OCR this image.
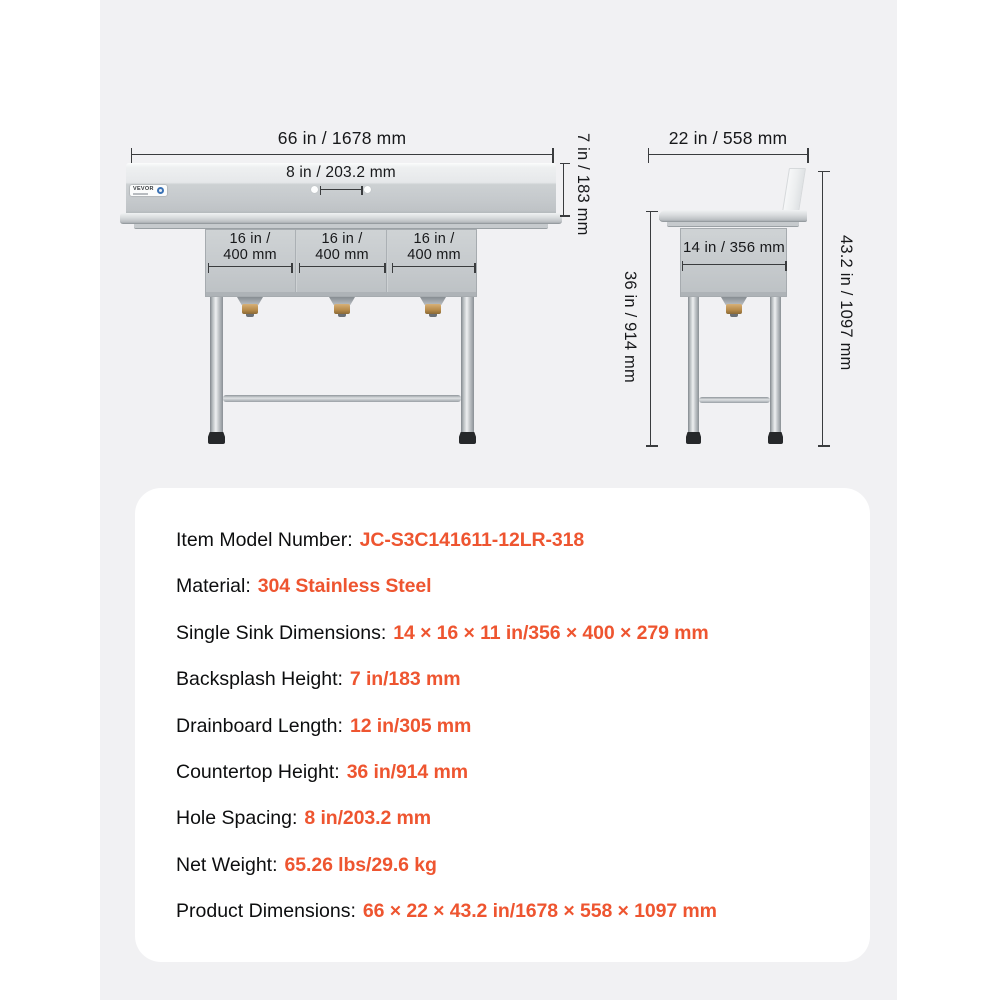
66 in / 1678 mm
VEVOR
8 in / 203.2 mm
16 in /
400 mm
16 in /
400 mm
16 in /
400 mm
7 in / 183 mm	22 in / 558 mm
14 in / 356 mm
36 in / 914 mm	43.2 in / 1097 mm
Item Model Number: JC-S3C141611-12LR-318
Material: 304 Stainless Steel
Single Sink Dimensions: 14 × 16 × 11 in/356 × 400 × 279 mm
Backsplash Height: 7 in/183 mm
Drainboard Length: 12 in/305 mm
Countertop Height: 36 in/914 mm
Hole Spacing: 8 in/203.2 mm
Net Weight: 65.26 lbs/29.6 kg
Product Dimensions: 66 × 22 × 43.2 in/1678 × 558 × 1097 mm
